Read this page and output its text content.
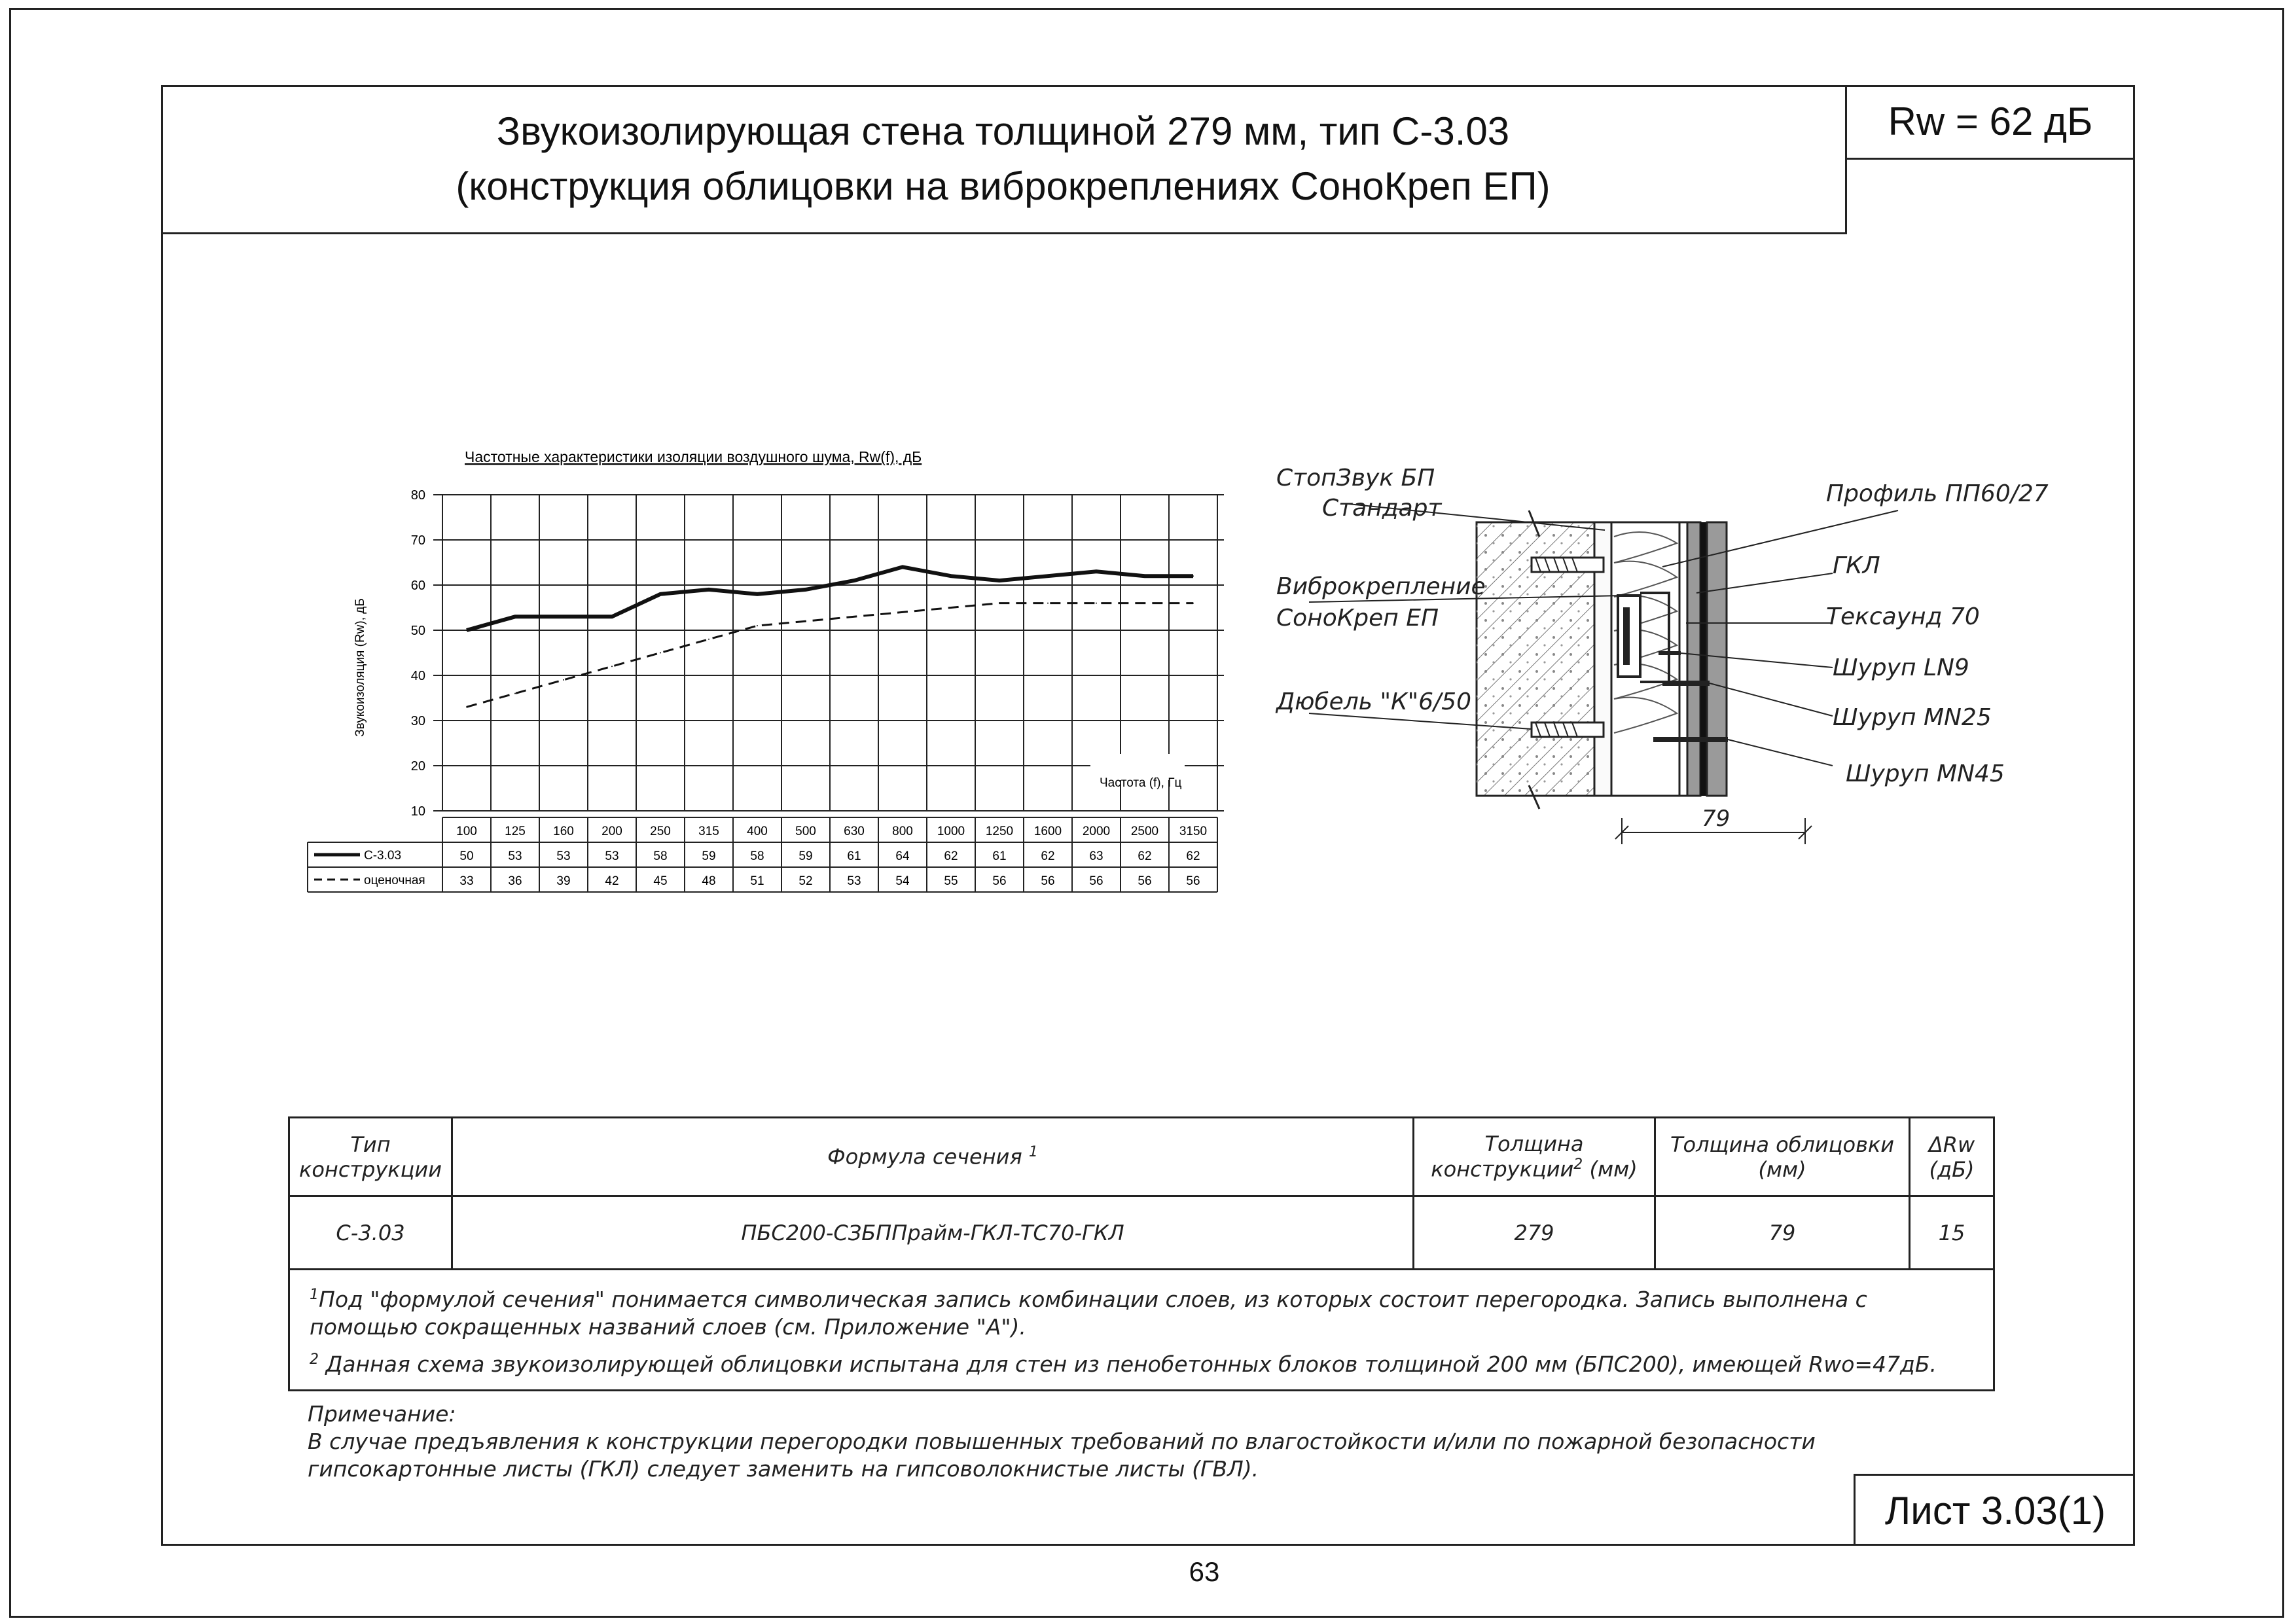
Звукоизолирующая стена толщиной 279 мм, тип С-3.03
(конструкция облицовки на виброкреплениях СоноКреп ЕП)
Rw = 62 дБ
Частотные характеристики изоляции воздушного шума, Rw(f), дБ
Звукоизоляция (Rw), дБ
10
20
30
40
50
60
70
80
Частота (f), Гц
100 125 160 200 250 315 400 500 630 800 1000 1250 1600 2000 2500 3150
С-3.03	50	53	53	53	58	59	58	59	61	64	62	61	62	63	62	62
оценочная	33	36	39	42	45	48	51	52	53	54	55	56	56	56	56	56
79
СтопЗвук БП
Стандарт
Виброкрепление
СоноКреп ЕП
Дюбель "К"6/50
Профиль ПП60/27
ГКЛ
Тексаунд 70
Шуруп LN9
Шуруп MN25
Шуруп MN45
Тип конструкции	Формула сечения $^1$	Толщина конструкции$^2$ (мм)	Толщина облицовки (мм)	ΔRw
(дБ)

С-3.03	ПБС200-СЗБППрайм-ГКЛ-ТС70-ГКЛ	279	79	15

$^1$Под "формулой сечения" понимается символическая запись комбинации слоев, из которых состоит перегородка. Запись выполнена с помощью сокращенных названий слоев (см. Приложение "А").

$^2$ Данная схема звукоизолирующей облицовки испытана для стен из пенобетонных блоков толщиной 200 мм (БПС200), имеющей Rwo=47дБ.

Примечание:
В случае предъявления к конструкции перегородки повышенных требований по влагостойкости и/или по пожарной безопасности гипсокартонные листы (ГКЛ) следует заменить на гипсоволокнистые листы (ГВЛ).
Лист 3.03(1)
63
